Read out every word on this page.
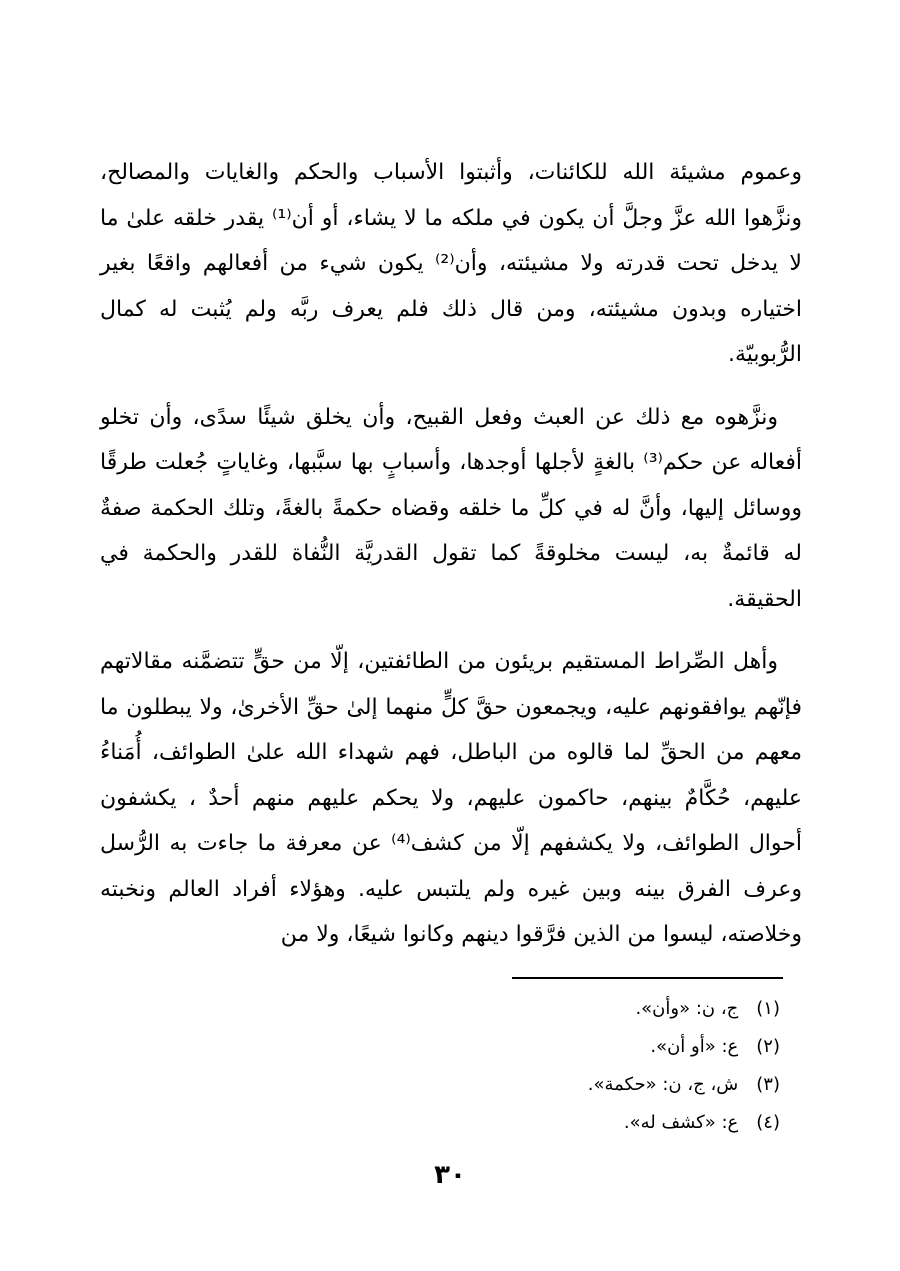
وعموم مشيئة الله للكائنات، وأثبتوا الأسباب والحكم والغايات والمصالح، ونزَّهوا الله عزَّ وجلَّ أن يكون في ملكه ما لا يشاء، أو أن⁽¹⁾ يقدر خلقه علىٰ ما لا يدخل تحت قدرته ولا مشيئته، وأن⁽²⁾ يكون شيء من أفعالهم واقعًا بغير اختياره وبدون مشيئته، ومن قال ذلك فلم يعرف ربَّه ولم يُثبت له كمال الرُّبوبيّة.

ونزَّهوه مع ذلك عن العبث وفعل القبيح، وأن يخلق شيئًا سدًى، وأن تخلو أفعاله عن حكم⁽³⁾ بالغةٍ لأجلها أوجدها، وأسبابٍ بها سبَّبها، وغاياتٍ جُعلت طرقًا ووسائل إليها، وأنَّ له في كلِّ ما خلقه وقضاه حكمةً بالغةً، وتلك الحكمة صفةٌ له قائمةٌ به، ليست مخلوقةً كما تقول القدريَّة النُّفاة للقدر والحكمة في الحقيقة.

وأهل الصِّراط المستقيم بريئون من الطائفتين، إلّا من حقٍّ تتضمَّنه مقالاتهم فإنّهم يوافقونهم عليه، ويجمعون حقَّ كلٍّ منهما إلىٰ حقِّ الأخرىٰ، ولا يبطلون ما معهم من الحقِّ لما قالوه من الباطل، فهم شهداء الله علىٰ الطوائف، أُمَناءُ عليهم، حُكَّامٌ بينهم، حاكمون عليهم، ولا يحكم عليهم منهم أحدٌ ، يكشفون أحوال الطوائف، ولا يكشفهم إلّا من كشف⁽⁴⁾ عن معرفة ما جاءت به الرُّسل وعرف الفرق بينه وبين غيره ولم يلتبس عليه. وهؤلاء أفراد العالم ونخبته وخلاصته، ليسوا من الذين فرَّقوا دينهم وكانوا شيعًا، ولا من

(١) ج، ن: «وأن».
(٢) ع: «أو أن».
(٣) ش، ج، ن: «حكمة».
(٤) ع: «كشف له».
٣٠
